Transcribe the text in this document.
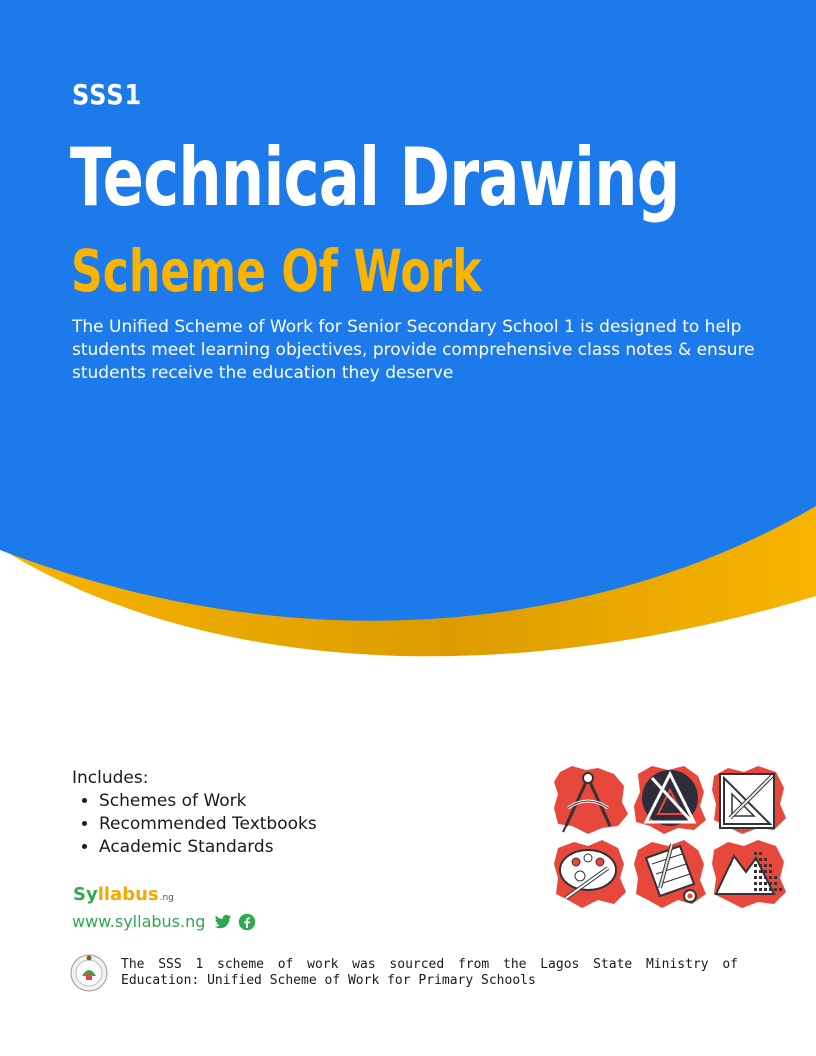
SSS1
Technical Drawing
Scheme Of Work

The Unified Scheme of Work for Senior Secondary School 1 is designed to help students meet learning objectives, provide comprehensive class notes & ensure students receive the education they deserve

Includes:

• Schemes of Work
• Recommended Textbooks
• Academic Standards
Syllabus.ng
www.syllabus.ng

The SSS 1 scheme of work was sourced from the Lagos State Ministry of Education: Unified Scheme of Work for Primary Schools
